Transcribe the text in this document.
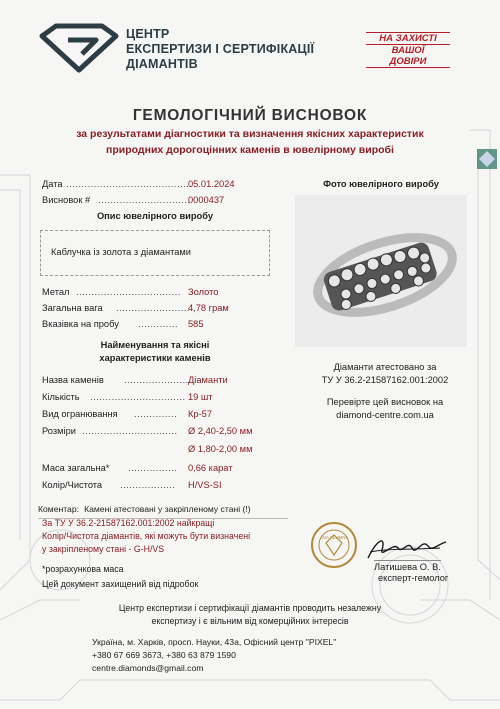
ЦЕНТР
ЕКСПЕРТИЗИ І СЕРТИФІКАЦІЇ
ДІАМАНТІВ
НА ЗАХИСТІ
ВАШОЇ
ДОВІРИ
ГЕМОЛОГІЧНИЙ ВИСНОВОК
за результатами діагностики та визначення якісних характеристик
природних дорогоцінних каменів в ювелірному виробі
Дата .........................................
05.01.2024
Висновок # ..............................
0000437
Опис ювелірного виробу
Каблучка із золота з діамантами
Фото ювелірного виробу
Метал .................................. Золото
Загальна вага ........................
4,78 грам
Вказівка на пробу ............. 585
Найменування та якісні
характеристики каменів
Назва каменів ..................... Діаманти
Кількість ............................... 19 шт
Вид огранювання .............. Кр-57
Розміри ............................... Ø 2,40-2,50 мм
Ø 1,80-2,00 мм
Маса загальна* ................ 0,66 карат
Колір/Чистота .................. H/VS-SI
Коментар: Камені атестовані у закріпленому стані (!)
За ТУ У 36.2-21587162.001:2002 найкращі
Колір/Чистота діамантів, які можуть бути визначені
у закріпленому стані - G-H/VS
*розрахункова маса
Цей документ захищений від підробок
Діаманти атестовано за
ТУ У 36.2-21587162.001:2002
Перевірте цей висновок на
diamond-centre.com.ua
GIA ALUMNI
Латишева О. В.
експерт-гемолог
Центр експертизи і сертифікації діамантів проводить незалежну
експертизу і є вільним від комерційних інтересів
Україна, м. Харків, просп. Науки, 43а, Офісний центр "PIXEL"
+380 67 669 3673, +380 63 879 1590
centre.diamonds@gmail.com
